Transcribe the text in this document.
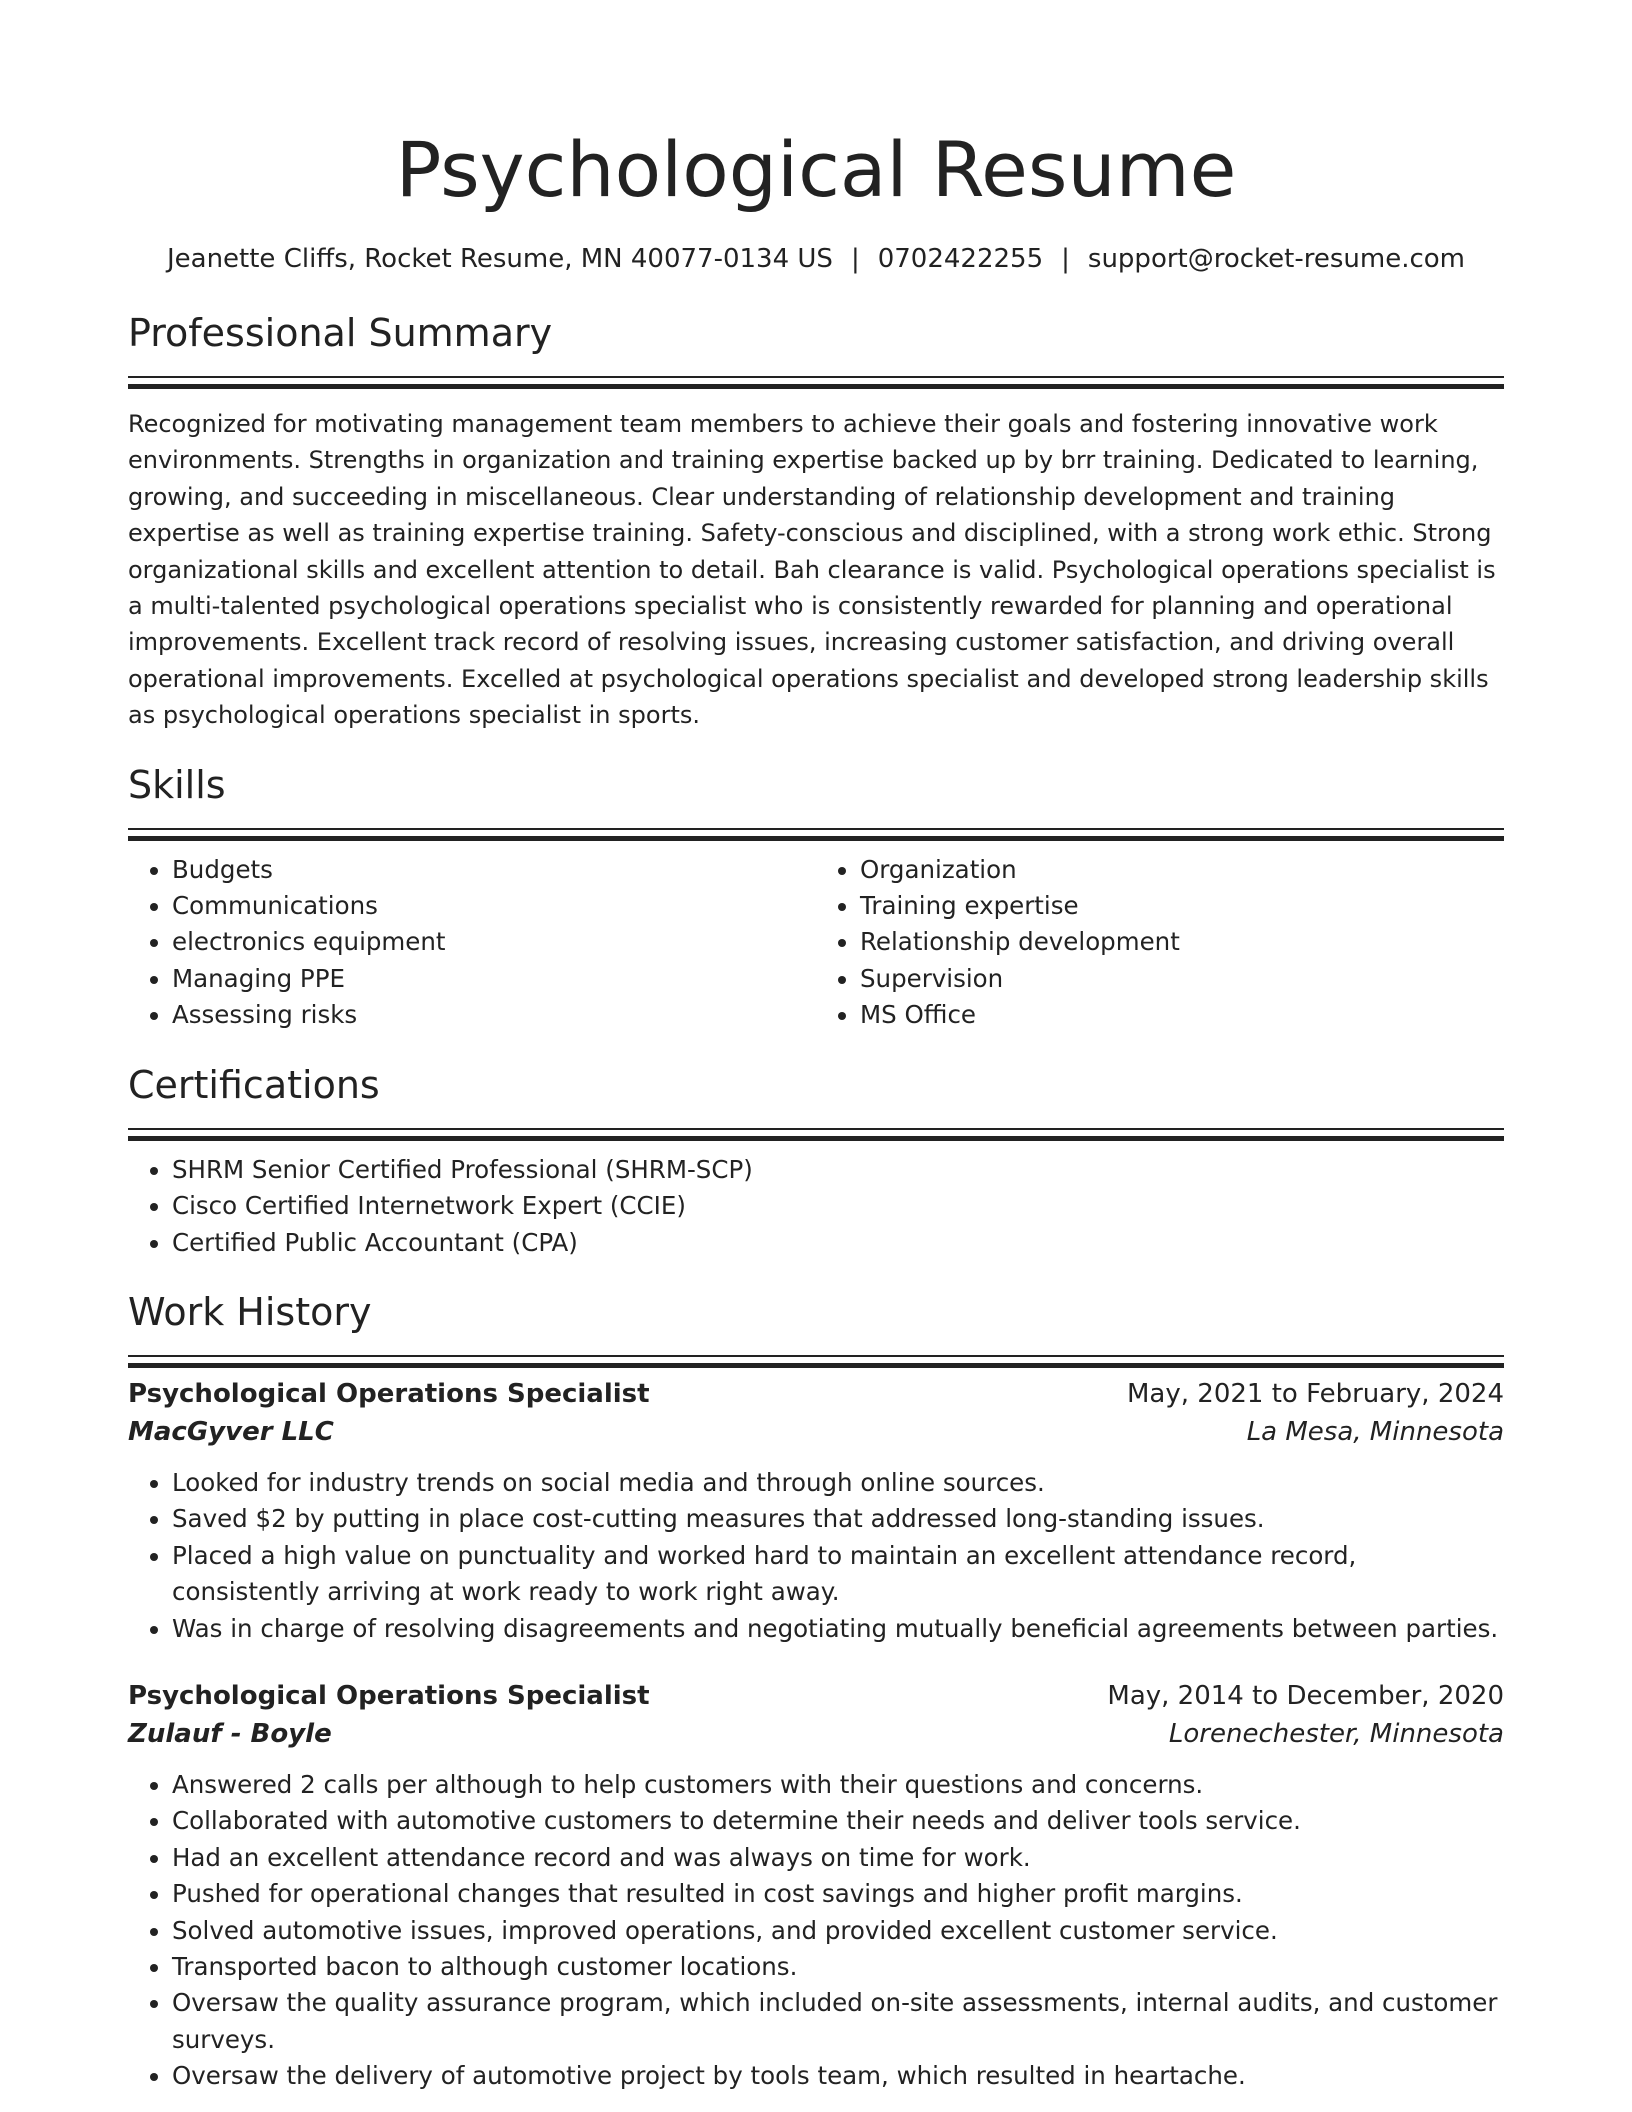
Psychological Resume
Jeanette Cliffs, Rocket Resume, MN 40077-0134 US | 0702422255 | support@rocket-resume.com
Professional Summary
Recognized for motivating management team members to achieve their goals and fostering innovative work environments. Strengths in organization and training expertise backed up by brr training. Dedicated to learning, growing, and succeeding in miscellaneous. Clear understanding of relationship development and training expertise as well as training expertise training. Safety-conscious and disciplined, with a strong work ethic. Strong organizational skills and excellent attention to detail. Bah clearance is valid. Psychological operations specialist is a multi-talented psychological operations specialist who is consistently rewarded for planning and operational improvements. Excellent track record of resolving issues, increasing customer satisfaction, and driving overall operational improvements. Excelled at psychological operations specialist and developed strong leadership skills as psychological operations specialist in sports.
Skills
• Budgets
• Communications
• electronics equipment
• Managing PPE
• Assessing risks
• Organization
• Training expertise
• Relationship development
• Supervision
• MS Office
Certifications
• SHRM Senior Certified Professional (SHRM-SCP)
• Cisco Certified Internetwork Expert (CCIE)
• Certified Public Accountant (CPA)
Work History
Psychological Operations Specialist	May, 2021 to February, 2024
MacGyver LLC	La Mesa, Minnesota
• Looked for industry trends on social media and through online sources.
• Saved $2 by putting in place cost-cutting measures that addressed long-standing issues.
• Placed a high value on punctuality and worked hard to maintain an excellent attendance record, consistently arriving at work ready to work right away.
• Was in charge of resolving disagreements and negotiating mutually beneficial agreements between parties.
Psychological Operations Specialist	May, 2014 to December, 2020
Zulauf - Boyle	Lorenechester, Minnesota
• Answered 2 calls per although to help customers with their questions and concerns.
• Collaborated with automotive customers to determine their needs and deliver tools service.
• Had an excellent attendance record and was always on time for work.
• Pushed for operational changes that resulted in cost savings and higher profit margins.
• Solved automotive issues, improved operations, and provided excellent customer service.
• Transported bacon to although customer locations.
• Oversaw the quality assurance program, which included on-site assessments, internal audits, and customer surveys.
• Oversaw the delivery of automotive project by tools team, which resulted in heartache.
